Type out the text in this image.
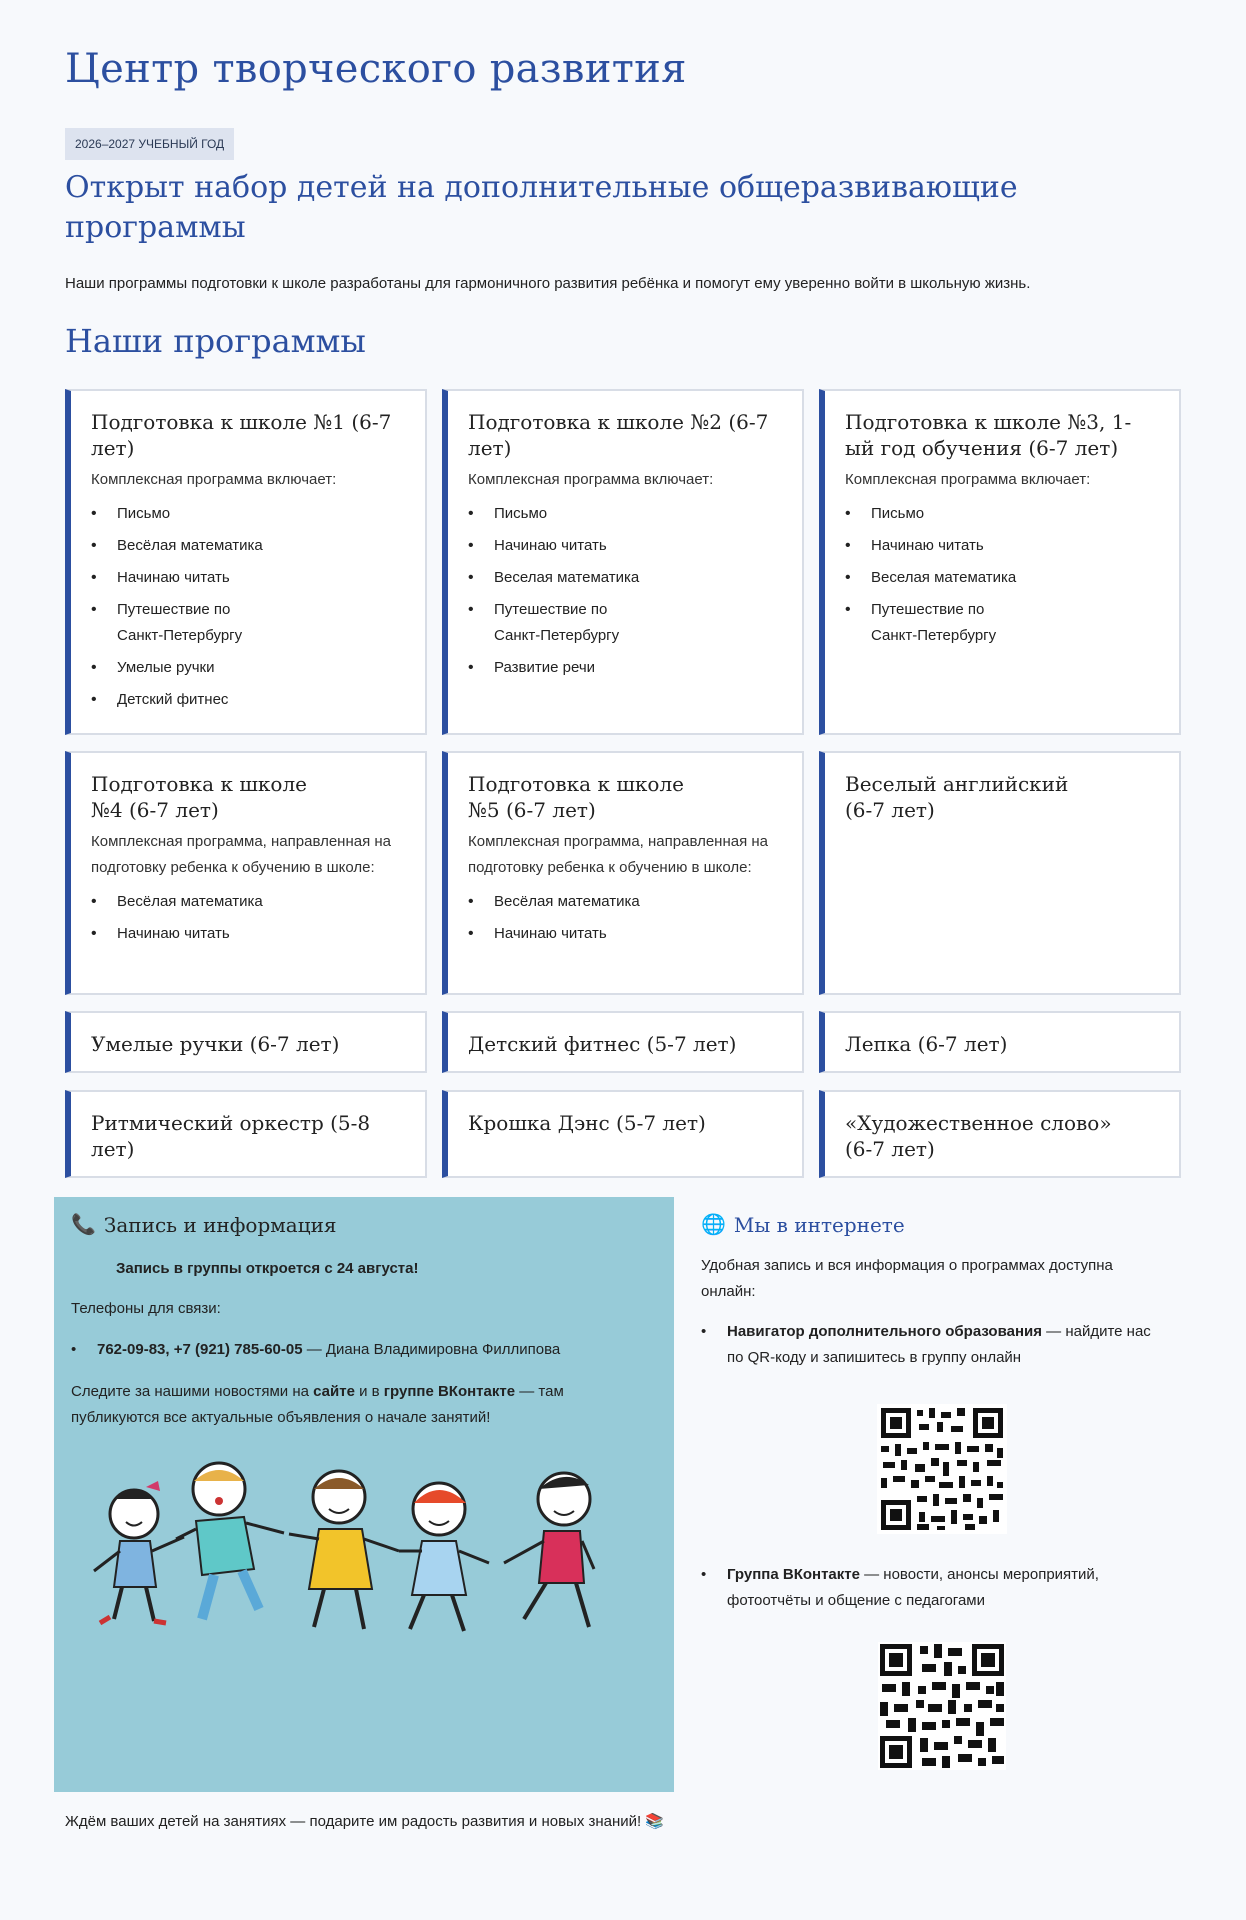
Центр творческого развития
2026–2027 УЧЕБНЫЙ ГОД
Открыт набор детей на дополнительные общеразвивающие программы

Наши программы подготовки к школе разработаны для гармоничного развития ребёнка и помогут ему уверенно войти в школьную жизнь.

Наши программы
Подготовка к школе №1 (6-7 лет)
Комплексная программа включает:
• Письмо
• Весёлая математика
• Начинаю читать
• Путешествие по Санкт-Петербургу
• Умелые ручки
• Детский фитнес
Подготовка к школе №2 (6-7 лет)
Комплексная программа включает:
• Письмо
• Начинаю читать
• Веселая математика
• Путешествие по Санкт-Петербургу
• Развитие речи
Подготовка к школе №3, 1-ый год обучения (6-7 лет)
Комплексная программа включает:
• Письмо
• Начинаю читать
• Веселая математика
• Путешествие по Санкт-Петербургу
Подготовка к школе №4 (6-7 лет)
Комплексная программа, направленная на подготовку ребенка к обучению в школе:
• Весёлая математика
• Начинаю читать
Подготовка к школе №5 (6-7 лет)
Комплексная программа, направленная на подготовку ребенка к обучению в школе:
• Весёлая математика
• Начинаю читать
Веселый английский (6-7 лет)
Умелые ручки (6-7 лет)	Детский фитнес (5-7 лет)	Лепка (6-7 лет)
Ритмический оркестр (5-8 лет)
Крошка Дэнс (5-7 лет)	«Художественное слово» (6-7 лет)
📞 Запись и информация
Запись в группы откроется с 24 августа!
Телефоны для связи:
• 762-09-83, +7 (921) 785-60-05 — Диана Владимировна Филлипова
Следите за нашими новостями на сайте и в группе ВКонтакте — там публикуются все актуальные объявления о начале занятий!
🌐 Мы в интернете
Удобная запись и вся информация о программах доступна онлайн:
• Навигатор дополнительного образования — найдите нас по QR-коду и запишитесь в группу онлайн
• Группа ВКонтакте — новости, анонсы мероприятий, фотоотчёты и общение с педагогами
Ждём ваших детей на занятиях — подарите им радость развития и новых знаний! 📚
